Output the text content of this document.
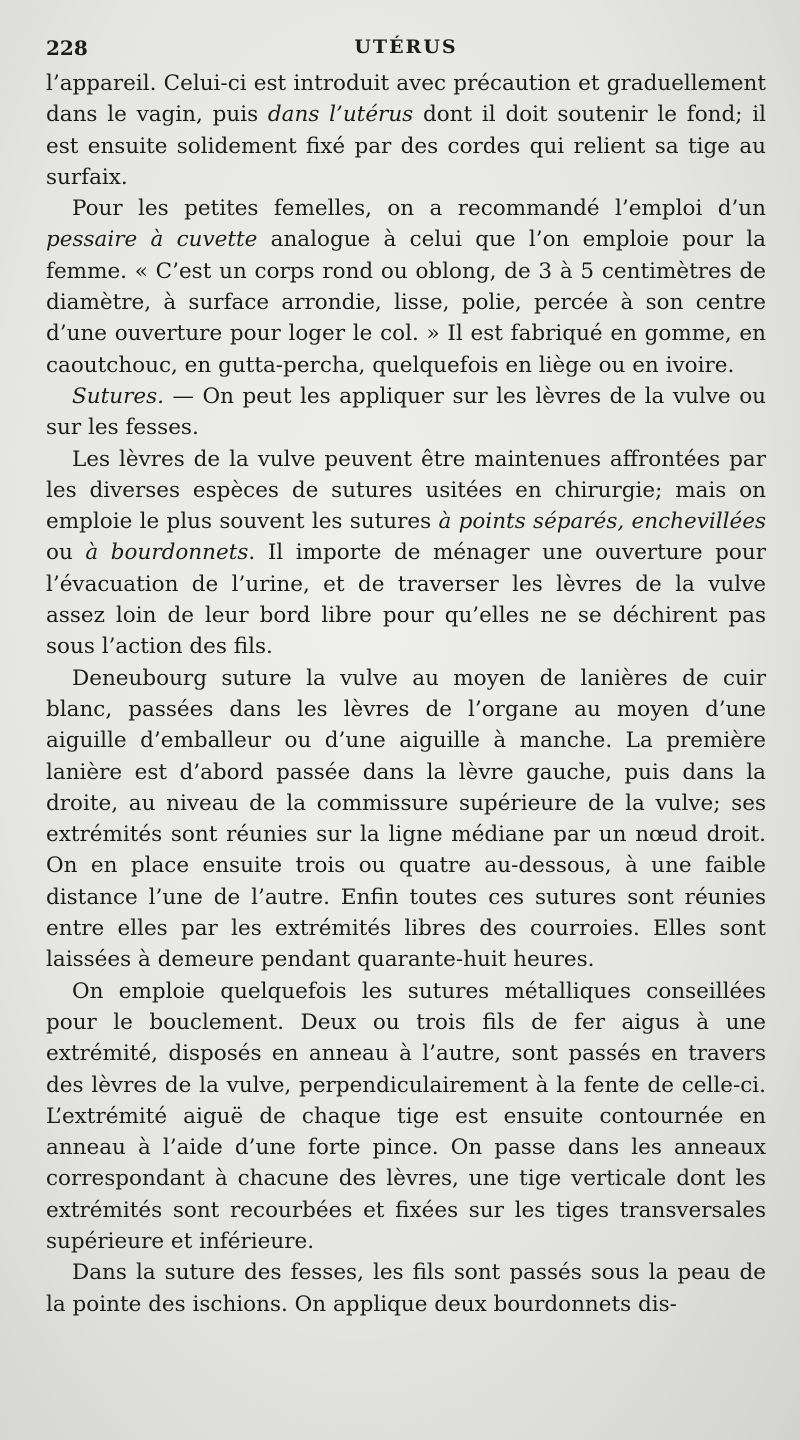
228	UTÉRUS

l’appareil. Celui-ci est introduit avec précaution et graduellement dans le vagin, puis dans l’utérus dont il doit soutenir le fond; il est ensuite solidement fixé par des cordes qui relient sa tige au surfaix.

Pour les petites femelles, on a recommandé l’emploi d’un pessaire à cuvette analogue à celui que l’on emploie pour la femme. « C’est un corps rond ou oblong, de 3 à 5 centimètres de diamètre, à surface arrondie, lisse, polie, percée à son centre d’une ouverture pour loger le col. » Il est fabriqué en gomme, en caoutchouc, en gutta-percha, quelquefois en liège ou en ivoire.

Sutures. — On peut les appliquer sur les lèvres de la vulve ou sur les fesses.

Les lèvres de la vulve peuvent être maintenues affrontées par les diverses espèces de sutures usitées en chirurgie; mais on emploie le plus souvent les sutures à points séparés, enchevillées ou à bourdonnets. Il importe de ménager une ouverture pour l’évacuation de l’urine, et de traverser les lèvres de la vulve assez loin de leur bord libre pour qu’elles ne se déchirent pas sous l’action des fils.

Deneubourg suture la vulve au moyen de lanières de cuir blanc, passées dans les lèvres de l’organe au moyen d’une aiguille d’emballeur ou d’une aiguille à manche. La première lanière est d’abord passée dans la lèvre gauche, puis dans la droite, au niveau de la commissure supérieure de la vulve; ses extrémités sont réunies sur la ligne médiane par un nœud droit. On en place ensuite trois ou quatre au-dessous, à une faible distance l’une de l’autre. Enfin toutes ces sutures sont réunies entre elles par les extrémités libres des courroies. Elles sont laissées à demeure pendant quarante-huit heures.

On emploie quelquefois les sutures métalliques conseillées pour le bouclement. Deux ou trois fils de fer aigus à une extrémité, disposés en anneau à l’autre, sont passés en travers des lèvres de la vulve, perpendiculairement à la fente de celle-ci. L’extrémité aiguë de chaque tige est ensuite contournée en anneau à l’aide d’une forte pince. On passe dans les anneaux correspondant à chacune des lèvres, une tige verticale dont les extrémités sont recourbées et fixées sur les tiges transversales supérieure et inférieure.

Dans la suture des fesses, les fils sont passés sous la peau de la pointe des ischions. On applique deux bourdonnets dis-
